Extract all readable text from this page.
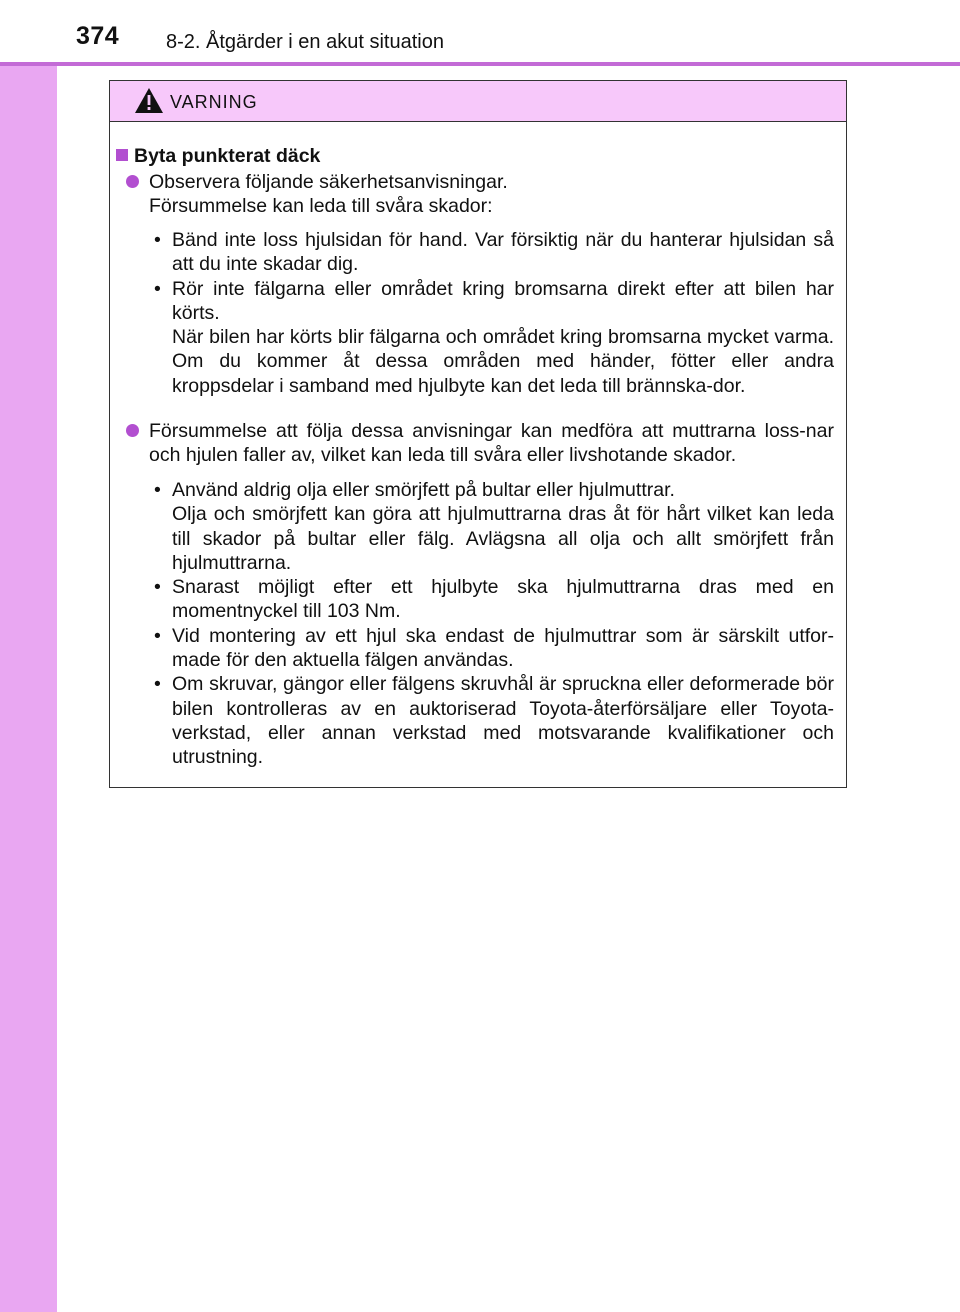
374 8-2. Åtgärder i en akut situation
VARNING
Byta punkterat däck
Observera följande säkerhetsanvisningar.
Försummelse kan leda till svåra skador:

• Bänd inte loss hjulsidan för hand. Var försiktig när du hanterar hjulsidan så att du inte skadar dig.

• Rör inte fälgarna eller området kring bromsarna direkt efter att bilen har körts.

När bilen har körts blir fälgarna och området kring bromsarna mycket varma. Om du kommer åt dessa områden med händer, fötter eller andra kroppsdelar i samband med hjulbyte kan det leda till brännska-dor.

Försummelse att följa dessa anvisningar kan medföra att muttrarna loss-nar och hjulen faller av, vilket kan leda till svåra eller livshotande skador.

• Använd aldrig olja eller smörjfett på bultar eller hjulmuttrar.

Olja och smörjfett kan göra att hjulmuttrarna dras åt för hårt vilket kan leda till skador på bultar eller fälg. Avlägsna all olja och allt smörjfett från hjulmuttrarna.

• Snarast möjligt efter ett hjulbyte ska hjulmuttrarna dras med en momentnyckel till 103 Nm.

• Vid montering av ett hjul ska endast de hjulmuttrar som är särskilt utfor-made för den aktuella fälgen användas.

• Om skruvar, gängor eller fälgens skruvhål är spruckna eller deformerade bör bilen kontrolleras av en auktoriserad Toyota-återförsäljare eller Toyota-verkstad, eller annan verkstad med motsvarande kvalifikationer och utrustning.
